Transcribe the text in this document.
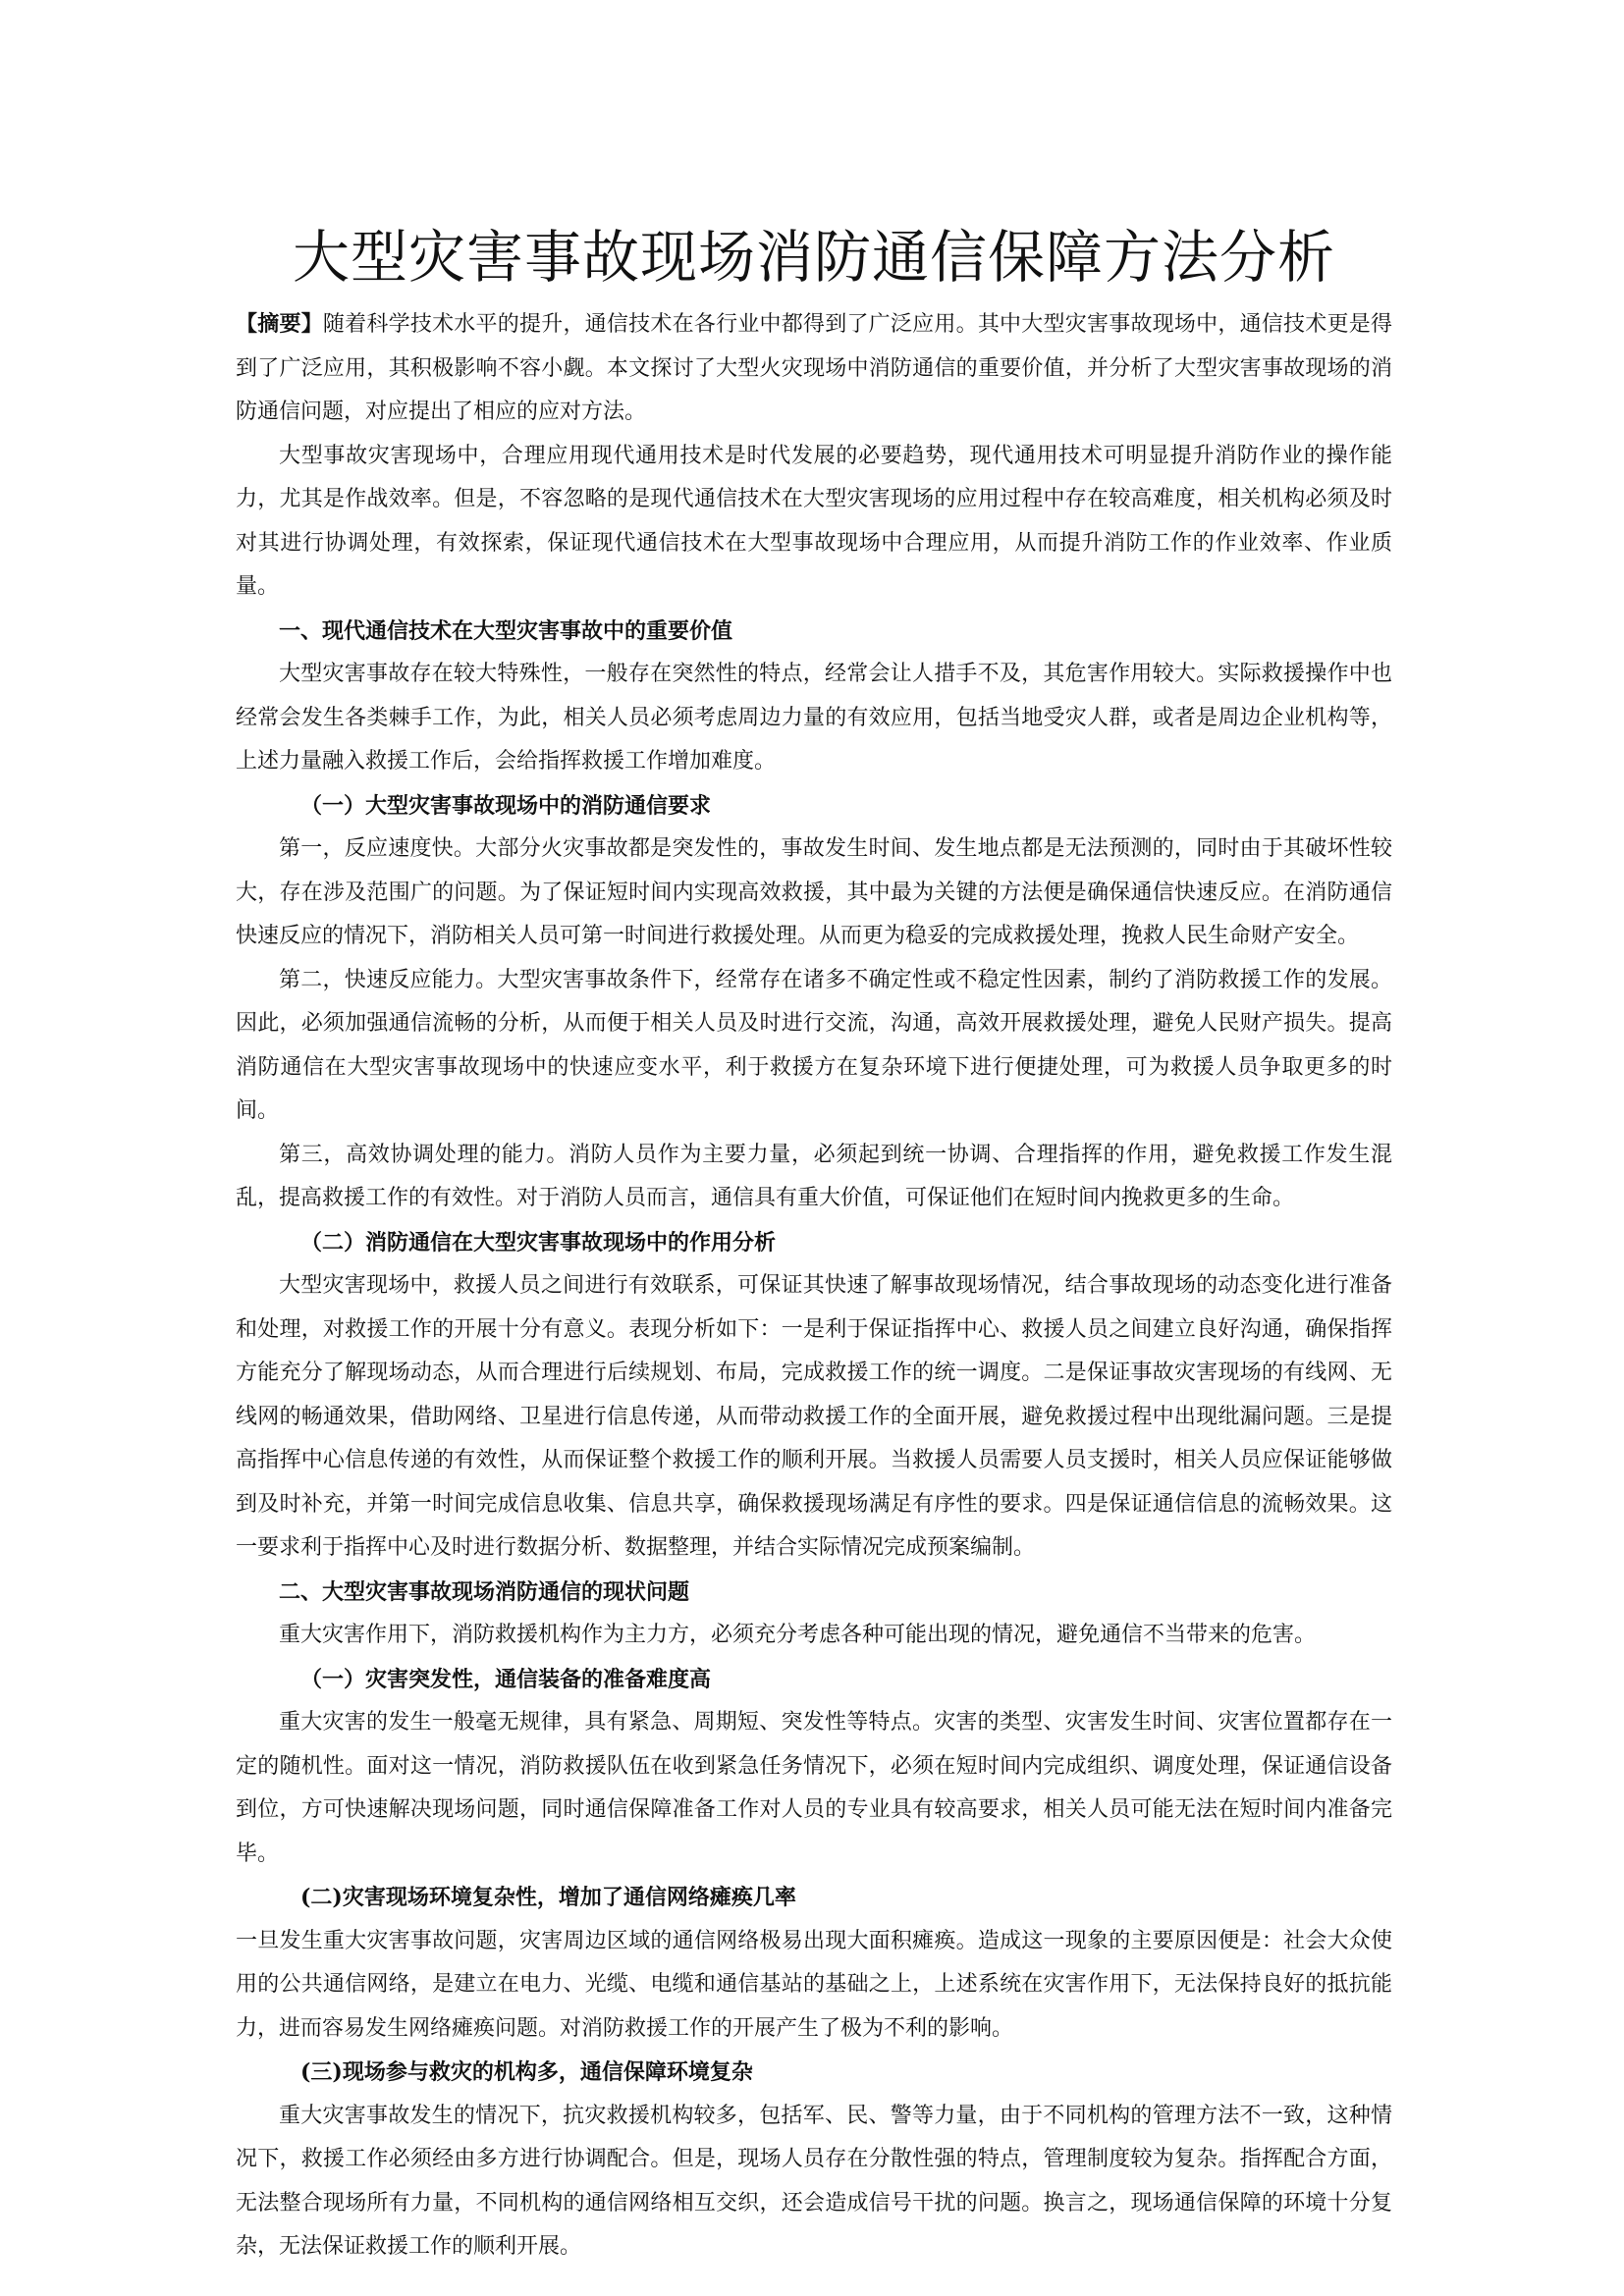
大型灾害事故现场消防通信保障方法分析

【摘要】随着科学技术水平的提升，通信技术在各行业中都得到了广泛应用。其中大型灾害事故现场中，通信技术更是得到了广泛应用，其积极影响不容小觑。本文探讨了大型火灾现场中消防通信的重要价值，并分析了大型灾害事故现场的消防通信问题，对应提出了相应的应对方法。

大型事故灾害现场中，合理应用现代通用技术是时代发展的必要趋势，现代通用技术可明显提升消防作业的操作能力，尤其是作战效率。但是，不容忽略的是现代通信技术在大型灾害现场的应用过程中存在较高难度，相关机构必须及时对其进行协调处理，有效探索，保证现代通信技术在大型事故现场中合理应用，从而提升消防工作的作业效率、作业质量。

一、现代通信技术在大型灾害事故中的重要价值

大型灾害事故存在较大特殊性，一般存在突然性的特点，经常会让人措手不及，其危害作用较大。实际救援操作中也经常会发生各类棘手工作，为此，相关人员必须考虑周边力量的有效应用，包括当地受灾人群，或者是周边企业机构等，上述力量融入救援工作后，会给指挥救援工作增加难度。

（一）大型灾害事故现场中的消防通信要求

第一，反应速度快。大部分火灾事故都是突发性的，事故发生时间、发生地点都是无法预测的，同时由于其破坏性较大，存在涉及范围广的问题。为了保证短时间内实现高效救援，其中最为关键的方法便是确保通信快速反应。在消防通信快速反应的情况下，消防相关人员可第一时间进行救援处理。从而更为稳妥的完成救援处理，挽救人民生命财产安全。

第二，快速反应能力。大型灾害事故条件下，经常存在诸多不确定性或不稳定性因素，制约了消防救援工作的发展。因此，必须加强通信流畅的分析，从而便于相关人员及时进行交流，沟通，高效开展救援处理，避免人民财产损失。提高消防通信在大型灾害事故现场中的快速应变水平，利于救援方在复杂环境下进行便捷处理，可为救援人员争取更多的时间。

第三，高效协调处理的能力。消防人员作为主要力量，必须起到统一协调、合理指挥的作用，避免救援工作发生混乱，提高救援工作的有效性。对于消防人员而言，通信具有重大价值，可保证他们在短时间内挽救更多的生命。

（二）消防通信在大型灾害事故现场中的作用分析

大型灾害现场中，救援人员之间进行有效联系，可保证其快速了解事故现场情况，结合事故现场的动态变化进行准备和处理，对救援工作的开展十分有意义。表现分析如下：一是利于保证指挥中心、救援人员之间建立良好沟通，确保指挥方能充分了解现场动态，从而合理进行后续规划、布局，完成救援工作的统一调度。二是保证事故灾害现场的有线网、无线网的畅通效果，借助网络、卫星进行信息传递，从而带动救援工作的全面开展，避免救援过程中出现纰漏问题。三是提高指挥中心信息传递的有效性，从而保证整个救援工作的顺利开展。当救援人员需要人员支援时，相关人员应保证能够做到及时补充，并第一时间完成信息收集、信息共享，确保救援现场满足有序性的要求。四是保证通信信息的流畅效果。这一要求利于指挥中心及时进行数据分析、数据整理，并结合实际情况完成预案编制。

二、大型灾害事故现场消防通信的现状问题

重大灾害作用下，消防救援机构作为主力方，必须充分考虑各种可能出现的情况，避免通信不当带来的危害。

（一）灾害突发性，通信装备的准备难度高

重大灾害的发生一般毫无规律，具有紧急、周期短、突发性等特点。灾害的类型、灾害发生时间、灾害位置都存在一定的随机性。面对这一情况，消防救援队伍在收到紧急任务情况下，必须在短时间内完成组织、调度处理，保证通信设备到位，方可快速解决现场问题，同时通信保障准备工作对人员的专业具有较高要求，相关人员可能无法在短时间内准备完毕。

(二)灾害现场环境复杂性，增加了通信网络瘫痪几率

一旦发生重大灾害事故问题，灾害周边区域的通信网络极易出现大面积瘫痪。造成这一现象的主要原因便是：社会大众使用的公共通信网络，是建立在电力、光缆、电缆和通信基站的基础之上，上述系统在灾害作用下，无法保持良好的抵抗能力，进而容易发生网络瘫痪问题。对消防救援工作的开展产生了极为不利的影响。

(三)现场参与救灾的机构多，通信保障环境复杂

重大灾害事故发生的情况下，抗灾救援机构较多，包括军、民、警等力量，由于不同机构的管理方法不一致，这种情况下，救援工作必须经由多方进行协调配合。但是，现场人员存在分散性强的特点，管理制度较为复杂。指挥配合方面，无法整合现场所有力量，不同机构的通信网络相互交织，还会造成信号干扰的问题。换言之，现场通信保障的环境十分复杂，无法保证救援工作的顺利开展。
